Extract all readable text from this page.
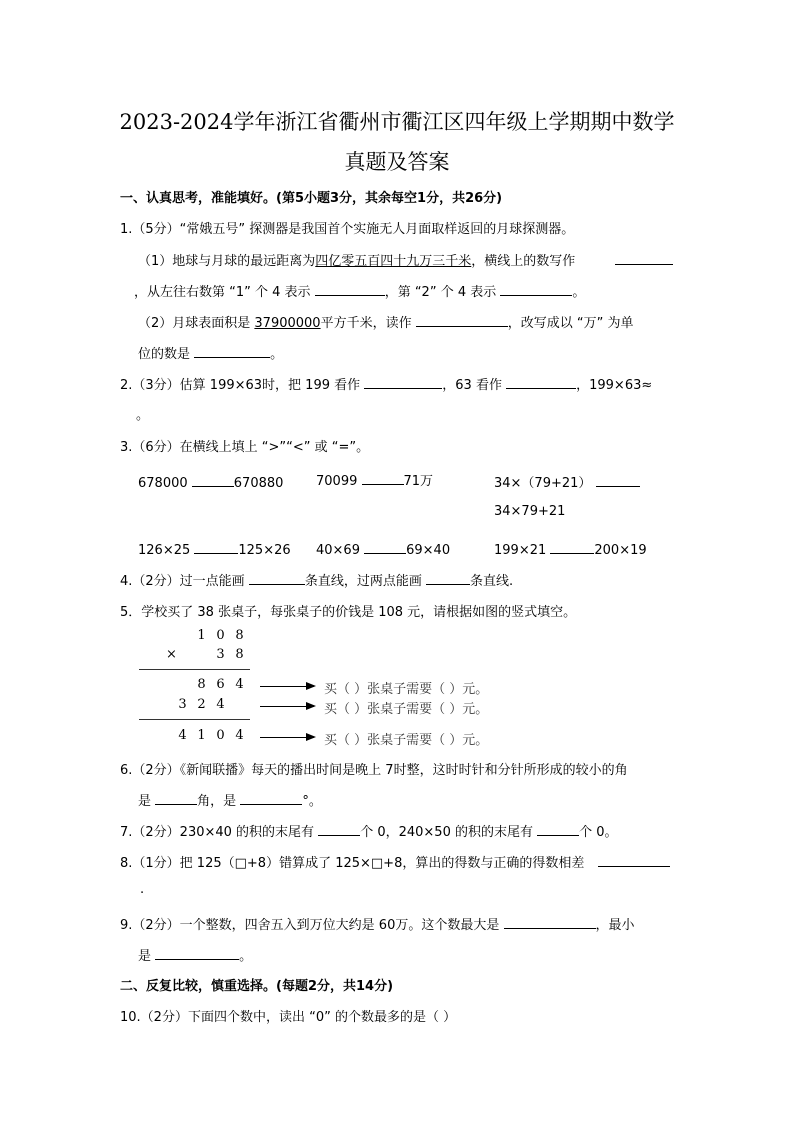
2023-2024学年浙江省衢州市衢江区四年级上学期期中数学
真题及答案
一、认真思考，准能填好。(第5小题3分，其余每空1分，共26分)
1.（5分）“常娥五号” 探测器是我国首个实施无人月面取样返回的月球探测器。
（1）地球与月球的最远距离为四亿零五百四十九万三千米，横线上的数写作
，从左往右数第 “1” 个 4 表示	，第 “2” 个 4 表示	。
（2）月球表面积是 37900000平方千米，读作	，改写成以 “万” 为单
位的数是	。
2.（3分）估算 199×63时，把 199 看作	，63 看作	，199×63≈
。
3.（6分）在横线上填上 “>”“<” 或 “=”。
678000	670880	70099	71万	34×（79+21）
34×79+21
126×25	125×26 40×69	69×40	199×21	200×19
4.（2分）过一点能画	条直线，过两点能画	条直线.
5．学校买了 38 张桌子，每张桌子的价钱是 108 元，请根据如图的竖式填空。
1 0 8
×	3 8
8 6 4
3 2 4
4 1 0 4
买（ ）张桌子需要（ ）元。
买（ ）张桌子需要（ ）元。
买（ ）张桌子需要（ ）元。
6.（2分）《新闻联播》每天的播出时间是晚上 7时整，这时时针和分针所形成的较小的角
是	角，是	°。
7.（2分）230×40 的积的末尾有	个 0，240×50 的积的末尾有	个 0。
8.（1分）把 125（□+8）错算成了 125×□+8，算出的得数与正确的得数相差
.
9.（2分）一个整数，四舍五入到万位大约是 60万。这个数最大是	，最小
是	。
二、反复比较，慎重选择。(每题2分，共14分)
10.（2分）下面四个数中，读出 “0” 的个数最多的是（ ）
